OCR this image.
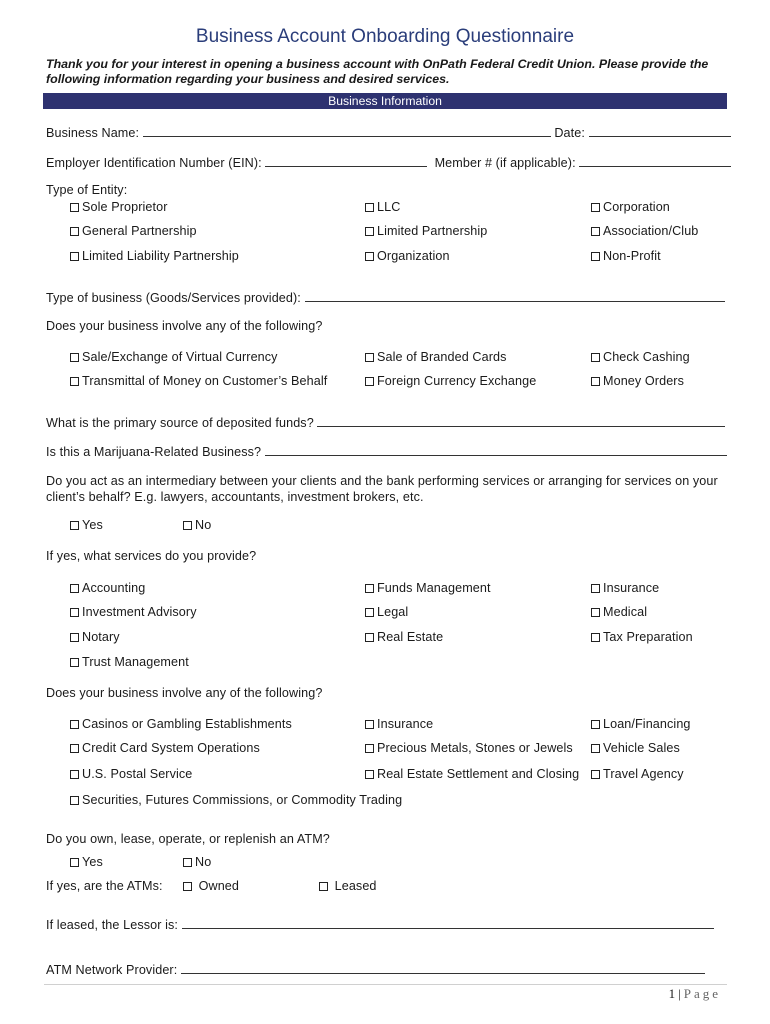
Business Account Onboarding Questionnaire
Thank you for your interest in opening a business account with OnPath Federal Credit Union. Please provide the following information regarding your business and desired services.
Business Information
Business Name:	Date:
Employer Identification Number (EIN):	Member # (if applicable):
Type of Entity:
Sole Proprietor	LLC	Corporation
General Partnership	Limited Partnership	Association/Club
Limited Liability Partnership	Organization	Non-Profit
Type of business (Goods/Services provided):
Does your business involve any of the following?
Sale/Exchange of Virtual Currency	Sale of Branded Cards	Check Cashing
Transmittal of Money on Customer’s Behalf	Foreign Currency Exchange	Money Orders
What is the primary source of deposited funds?
Is this a Marijuana-Related Business?
Do you act as an intermediary between your clients and the bank performing services or arranging for services on your client’s behalf? E.g. lawyers, accountants, investment brokers, etc.
Yes	No
If yes, what services do you provide?
Accounting	Funds Management	Insurance
Investment Advisory	Legal	Medical
Notary	Real Estate	Tax Preparation
Trust Management
Does your business involve any of the following?
Casinos or Gambling Establishments	Insurance	Loan/Financing
Credit Card System Operations	Precious Metals, Stones or Jewels	Vehicle Sales
U.S. Postal Service	Real Estate Settlement and Closing	Travel Agency
Securities, Futures Commissions, or Commodity Trading
Do you own, lease, operate, or replenish an ATM?
Yes	No
If yes, are the ATMs:	Owned	Leased
If leased, the Lessor is:
ATM Network Provider:
1 | Page
